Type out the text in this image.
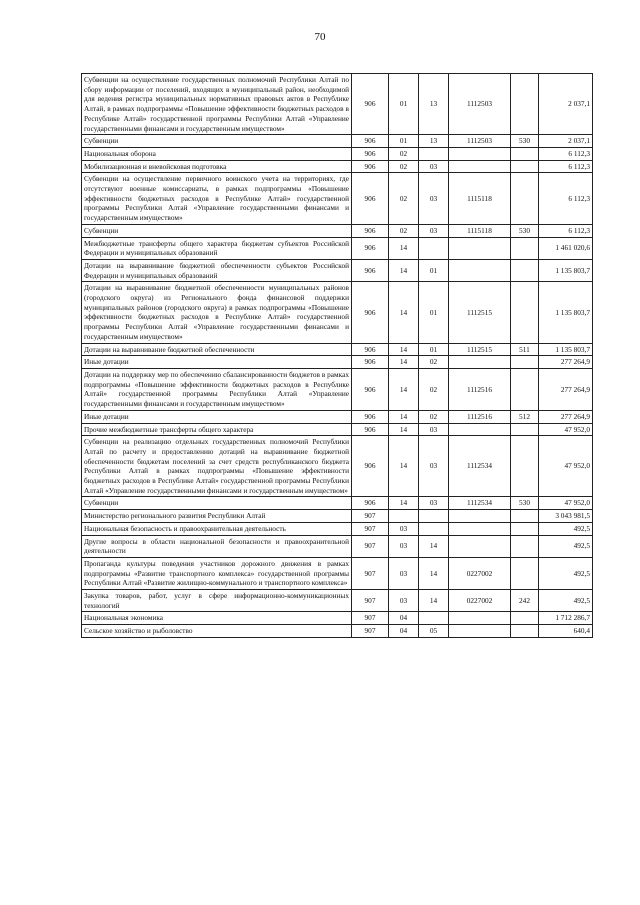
70
Субвенции на осуществление государственных полномочий Республики Алтай по сбору информации от поселений, входящих в муниципальный район, необходимой для ведения регистра муниципальных нормативных правовых актов в Республике Алтай, в рамках подпрограммы «Повышение эффективности бюджетных расходов в Республике Алтай» государственной программы Республики Алтай «Управление государственными финансами и государственным имуществом»	906	01	13	1112503		2 037,1
Субвенции	906	01	13	1112503	530	2 037,1
Национальная оборона	906	02				6 112,3
Мобилизационная и вневойсковая подготовка	906	02	03			6 112,3
Субвенции на осуществление первичного воинского учета на территориях, где отсутствуют военные комиссариаты, в рамках подпрограммы «Повышение эффективности бюджетных расходов в Республике Алтай» государственной программы Республики Алтай «Управление государственными финансами и государственным имуществом»	906	02	03	1115118		6 112,3
Субвенции	906	02	03	1115118	530	6 112,3
Межбюджетные трансферты общего характера бюджетам субъектов Российской Федерации и муниципальных образований	906	14				1 461 020,6
Дотации на выравнивание бюджетной обеспеченности субъектов Российской Федерации и муниципальных образований	906	14	01			1 135 803,7
Дотации на выравнивание бюджетной обеспеченности муниципальных районов (городского округа) из Регионального фонда финансовой поддержки муниципальных районов (городского округа) в рамках подпрограммы «Повышение эффективности бюджетных расходов в Республике Алтай» государственной программы Республики Алтай «Управление государственными финансами и государственным имуществом»	906	14	01	1112515		1 135 803,7
Дотации на выравнивание бюджетной обеспеченности	906	14	01	1112515	511	1 135 803,7
Иные дотации	906	14	02			277 264,9
Дотации на поддержку мер по обеспечению сбалансированности бюджетов в рамках подпрограммы «Повышение эффективности бюджетных расходов в Республике Алтай» государственной программы Республики Алтай «Управление государственными финансами и государственным имуществом»	906	14	02	1112516		277 264,9
Иные дотации	906	14	02	1112516	512	277 264,9
Прочие межбюджетные трансферты общего характера	906	14	03			47 952,0
Субвенции на реализацию отдельных государственных полномочий Республики Алтай по расчету и предоставлению дотаций на выравнивание бюджетной обеспеченности бюджетам поселений за счет средств республиканского бюджета Республики Алтай в рамках подпрограммы «Повышение эффективности бюджетных расходов в Республике Алтай» государственной программы Республики Алтай «Управление государственными финансами и государственным имуществом»	906	14	03	1112534		47 952,0
Субвенции	906	14	03	1112534	530	47 952,0
Министерство регионального развития Республики Алтай	907					3 043 981,5
Национальная безопасность и правоохранительная деятельность	907	03				492,5
Другие вопросы в области национальной безопасности и правоохранительной деятельности	907	03	14			492,5
Пропаганда культуры поведения участников дорожного движения в рамках подпрограммы «Развитие транспортного комплекса» государственной программы Республики Алтай «Развитие жилищно-коммунального и транспортного комплекса»	907	03	14	0227002		492,5
Закупка товаров, работ, услуг в сфере информационно-коммуникационных технологий	907	03	14	0227002	242	492,5
Национальная экономика	907	04				1 712 286,7
Сельское хозяйство и рыболовство	907	04	05			640,4
